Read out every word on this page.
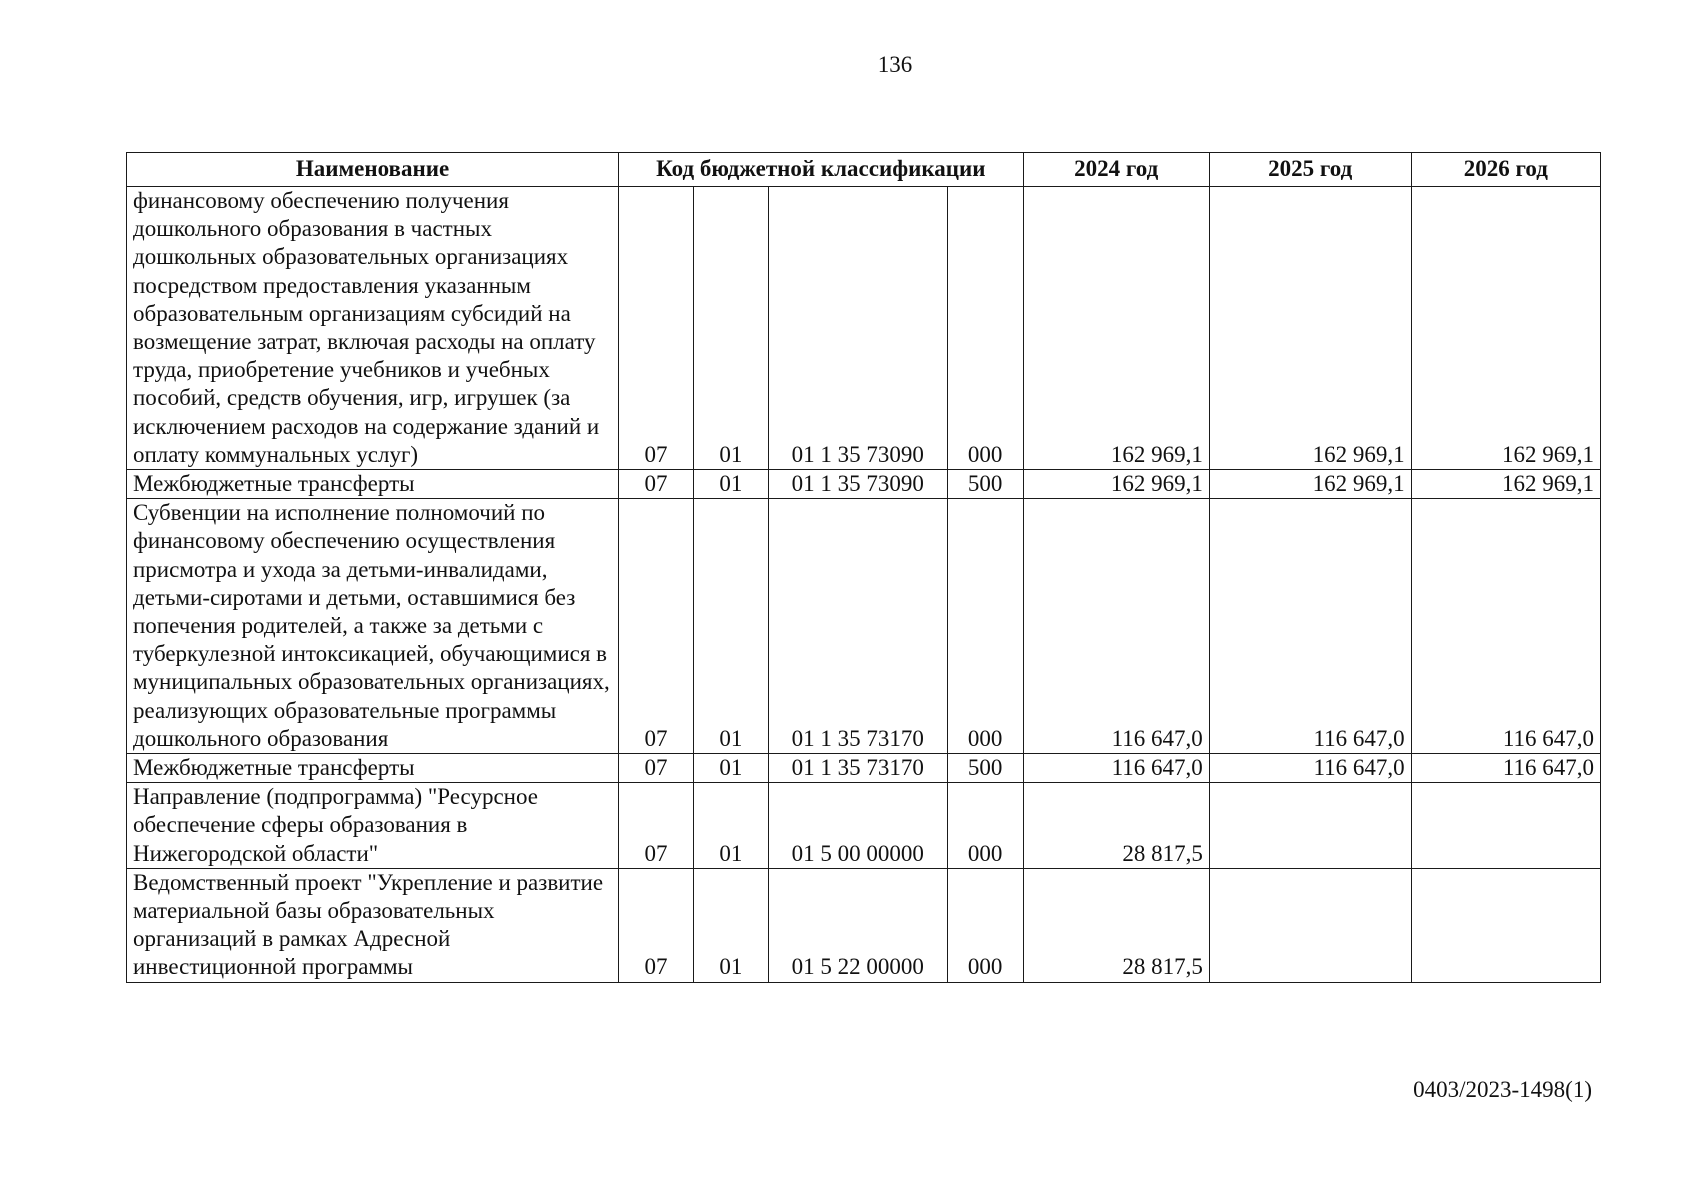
136
Наименование	Код бюджетной классификации				2024 год	2025 год	2026 год
финансовому обеспечению получения дошкольного образования в частных дошкольных образовательных организациях посредством предоставления указанным образовательным организациям субсидий на возмещение затрат, включая расходы на оплату труда, приобретение учебников и учебных пособий, средств обучения, игр, игрушек (за исключением расходов на содержание зданий и оплату коммунальных услуг)	07	01	01 1 35 73090	000	162 969,1	162 969,1	162 969,1
Межбюджетные трансферты	07	01	01 1 35 73090	500	162 969,1	162 969,1	162 969,1
Субвенции на исполнение полномочий по финансовому обеспечению осуществления присмотра и ухода за детьми-инвалидами, детьми-сиротами и детьми, оставшимися без попечения родителей, а также за детьми с туберкулезной интоксикацией, обучающимися в муниципальных образовательных организациях, реализующих образовательные программы дошкольного образования	07	01	01 1 35 73170	000	116 647,0	116 647,0	116 647,0
Межбюджетные трансферты	07	01	01 1 35 73170	500	116 647,0	116 647,0	116 647,0
Направление (подпрограмма) "Ресурсное обеспечение сферы образования в Нижегородской области"	07	01	01 5 00 00000	000	28 817,5		
Ведомственный проект "Укрепление и развитие материальной базы образовательных организаций в рамках Адресной инвестиционной программы	07	01	01 5 22 00000	000	28 817,5		
0403/2023-1498(1)
